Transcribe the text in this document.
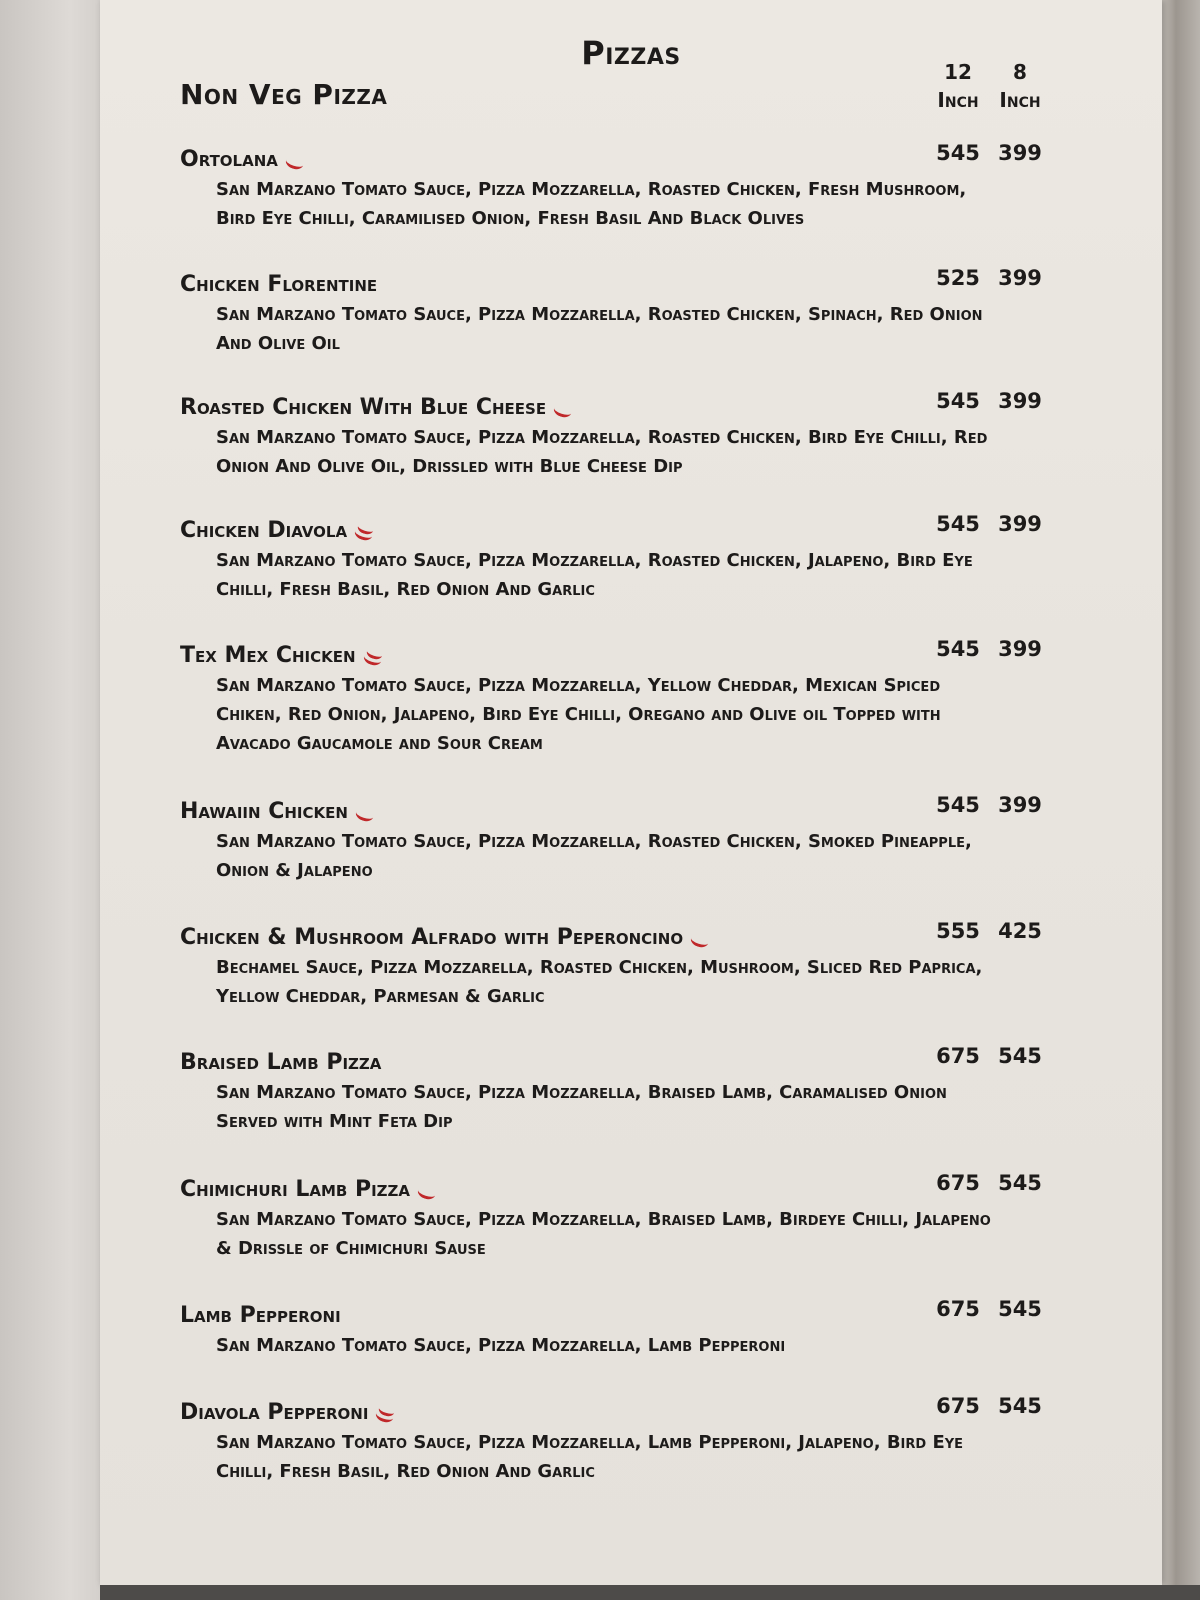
Pizzas
Non Veg Pizza
12
Inch
8
Inch
Ortolana	545 399
San Marzano Tomato Sauce, Pizza Mozzarella, Roasted Chicken, Fresh Mushroom, Bird Eye Chilli, Caramilised Onion, Fresh Basil And Black Olives
Chicken Florentine	525 399
San Marzano Tomato Sauce, Pizza Mozzarella, Roasted Chicken, Spinach, Red Onion And Olive Oil
Roasted Chicken With Blue Cheese	545 399
San Marzano Tomato Sauce, Pizza Mozzarella, Roasted Chicken, Bird Eye Chilli, Red Onion And Olive Oil, Drissled with Blue Cheese Dip
Chicken Diavola	545 399
San Marzano Tomato Sauce, Pizza Mozzarella, Roasted Chicken, Jalapeno, Bird Eye Chilli, Fresh Basil, Red Onion And Garlic
Tex Mex Chicken	545 399
San Marzano Tomato Sauce, Pizza Mozzarella, Yellow Cheddar, Mexican Spiced Chiken, Red Onion, Jalapeno, Bird Eye Chilli, Oregano and Olive oil Topped with Avacado Gaucamole and Sour Cream
Hawaiin Chicken	545 399
San Marzano Tomato Sauce, Pizza Mozzarella, Roasted Chicken, Smoked Pineapple, Onion & Jalapeno
Chicken & Mushroom Alfrado with Peperoncino	555 425
Bechamel Sauce, Pizza Mozzarella, Roasted Chicken, Mushroom, Sliced Red Paprica, Yellow Cheddar, Parmesan & Garlic
Braised Lamb Pizza	675 545
San Marzano Tomato Sauce, Pizza Mozzarella, Braised Lamb, Caramalised Onion Served with Mint Feta Dip
Chimichuri Lamb Pizza	675 545
San Marzano Tomato Sauce, Pizza Mozzarella, Braised Lamb, Birdeye Chilli, Jalapeno & Drissle of Chimichuri Sause
Lamb Pepperoni	675 545
San Marzano Tomato Sauce, Pizza Mozzarella, Lamb Pepperoni
Diavola Pepperoni	675 545
San Marzano Tomato Sauce, Pizza Mozzarella, Lamb Pepperoni, Jalapeno, Bird Eye Chilli, Fresh Basil, Red Onion And Garlic
